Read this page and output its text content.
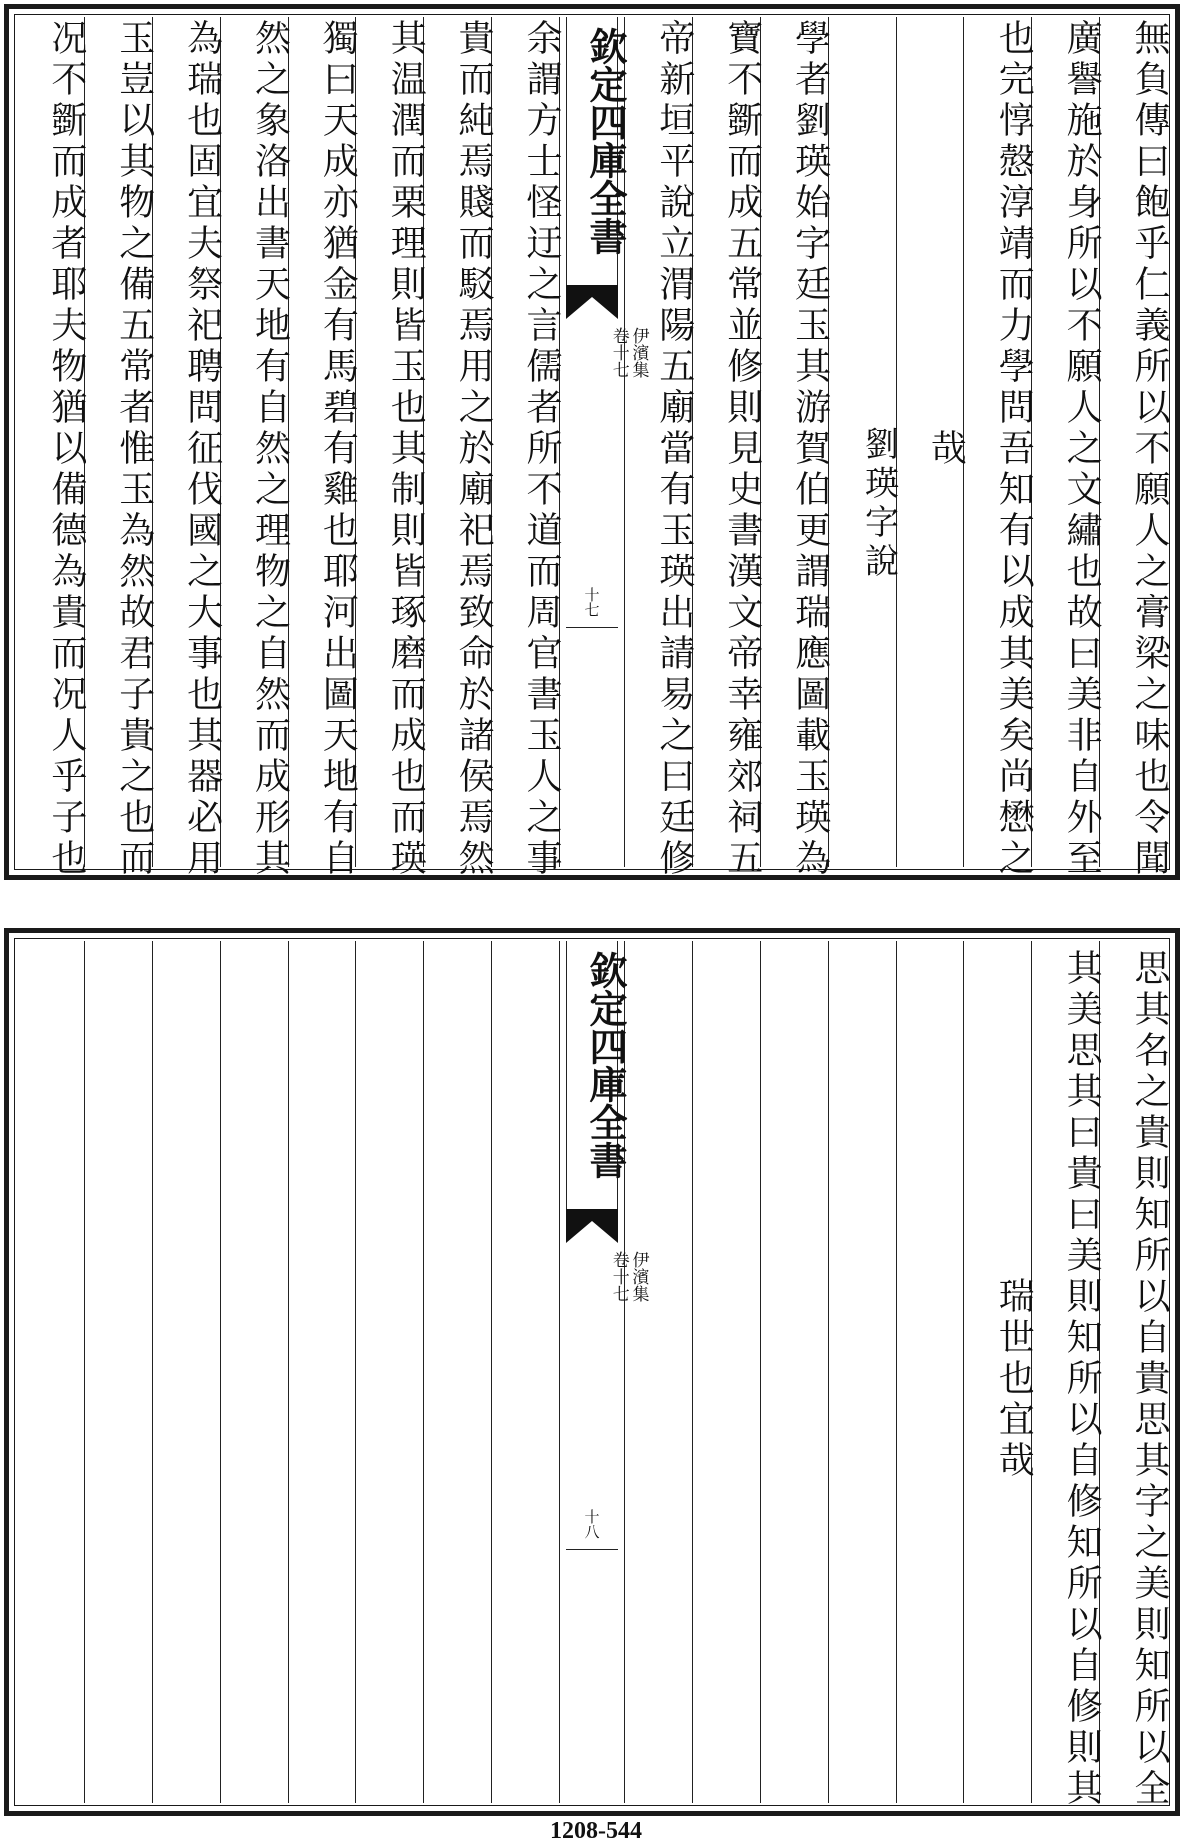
無負傳曰飽乎仁義所以不願人之膏梁之味也令聞
廣譽施於身所以不願人之文繡也故曰美非自外至
也完惇慤淳靖而力學問吾知有以成其美矣尚懋之
哉
劉瑛字說
學者劉瑛始字廷玉其游賀伯更謂瑞應圖載玉瑛為
寶不斵而成五常並修則見史書漢文帝幸雍郊祠五
帝新垣平說立渭陽五廟當有玉瑛出請易之曰廷修
欽定四庫全書
伊濱集
卷十七
十七
余謂方士怪迂之言儒者所不道而周官書玉人之事
貴而純焉賤而駁焉用之於廟祀焉致命於諸侯焉然
其温潤而栗理則皆玉也其制則皆琢磨而成也而瑛
獨曰天成亦猶金有馬碧有雞也耶河出圖天地有自
然之象洛出書天地有自然之理物之自然而成形其
為瑞也固宜夫祭祀聘問征伐國之大事也其器必用
玉豈以其物之備五常者惟玉為然故君子貴之也而
况不斵而成者耶夫物猶以備德為貴而况人乎子也
思其名之貴則知所以自貴思其字之美則知所以全
其美思其曰貴曰美則知所以自修知所以自修則其
瑞世也宜哉
欽定四庫全書
伊濱集
卷十七
十八
1208-544
